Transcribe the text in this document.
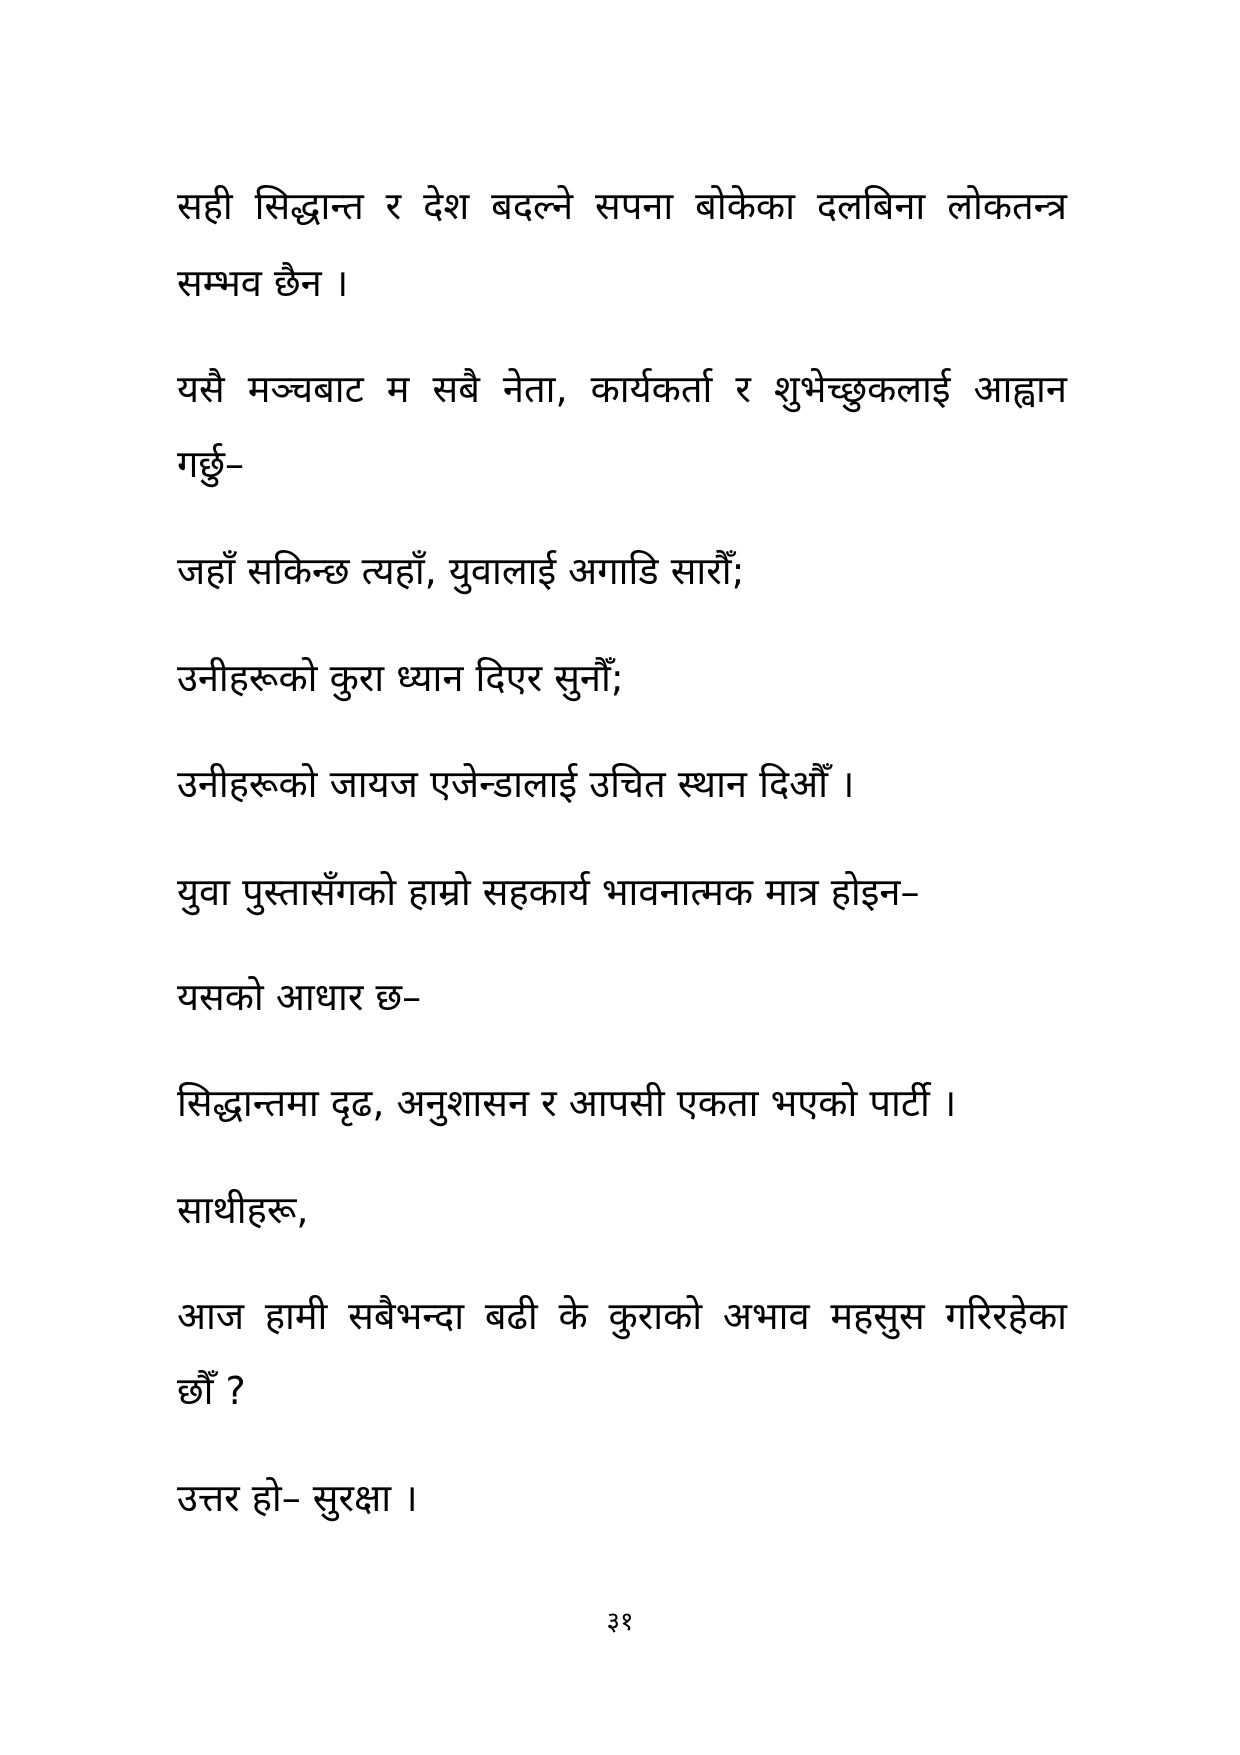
सही सिद्धान्त र देश बदल्ने सपना बोकेका दलबिना लोकतन्त्र
सम्भव छैन ।
यसै मञ्चबाट म सबै नेता, कार्यकर्ता र शुभेच्छुकलाई आह्वान
गर्छु–
जहाँ सकिन्छ त्यहाँ, युवालाई अगाडि सारौँ;
उनीहरूको कुरा ध्यान दिएर सुनौँ;
उनीहरूको जायज एजेन्डालाई उचित स्थान दिऔँ ।
युवा पुस्तासँगको हाम्रो सहकार्य भावनात्मक मात्र होइन–
यसको आधार छ–
सिद्धान्तमा दृढ, अनुशासन र आपसी एकता भएको पार्टी ।
साथीहरू,
आज हामी सबैभन्दा बढी के कुराको अभाव महसुस गरिरहेका
छौँ ?
उत्तर हो– सुरक्षा ।
३१
